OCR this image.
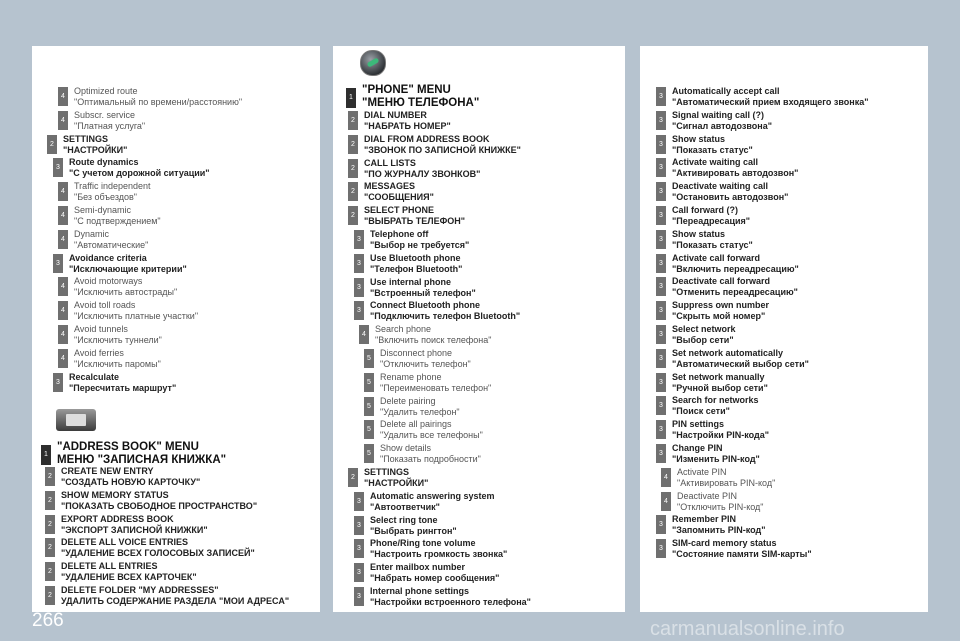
4
Optimized route
"Оптимальный по времени/расстоянию"
4
Subscr. service
"Платная услуга"
2
SETTINGS
"НАСТРОЙКИ"
3
Route dynamics
"С учетом дорожной ситуации"
4
Traffic independent
"Без объездов"
4
Semi-dynamic
"С подтверждением"
4
Dynamic
"Автоматические"
3
Avoidance criteria
"Исключающие критерии"
4
Avoid motorways
"Исключить автострады"
4
Avoid toll roads
"Исключить платные участки"
4
Avoid tunnels
"Исключить туннели"
4
Avoid ferries
"Исключить паромы"
3
Recalculate
"Пересчитать маршрут"
1
"ADDRESS BOOK" MENU
МЕНЮ "ЗАПИСНАЯ КНИЖКА"
2
CREATE NEW ENTRY
"СОЗДАТЬ НОВУЮ КАРТОЧКУ"
2
SHOW MEMORY STATUS
"ПОКАЗАТЬ СВОБОДНОЕ ПРОСТРАНСТВО"
2
EXPORT ADDRESS BOOK
"ЭКСПОРТ ЗАПИСНОЙ КНИЖКИ"
2
DELETE ALL VOICE ENTRIES
"УДАЛЕНИЕ ВСЕХ ГОЛОСОВЫХ ЗАПИСЕЙ"
2
DELETE ALL ENTRIES
"УДАЛЕНИЕ ВСЕХ КАРТОЧЕК"
2
DELETE FOLDER "MY ADDRESSES"
УДАЛИТЬ СОДЕРЖАНИЕ РАЗДЕЛА "МОИ АДРЕСА"
1
"PHONE" MENU
"МЕНЮ ТЕЛЕФОНА"
2
DIAL NUMBER
"НАБРАТЬ НОМЕР"
2
DIAL FROM ADDRESS BOOK
"ЗВОНОК ПО ЗАПИСНОЙ КНИЖКЕ"
2
CALL LISTS
"ПО ЖУРНАЛУ ЗВОНКОВ"
2
MESSAGES
"СООБЩЕНИЯ"
2
SELECT PHONE
"ВЫБРАТЬ ТЕЛЕФОН"
3
Telephone off
"Выбор не требуется"
3
Use Bluetooth phone
"Телефон Bluetooth"
3
Use internal phone
"Встроенный телефон"
3
Connect Bluetooth phone
"Подключить телефон Bluetooth"
4
Search phone
"Включить поиск телефона"
5
Disconnect phone
"Отключить телефон"
5
Rename phone
"Переименовать телефон"
5
Delete pairing
"Удалить телефон"
5
Delete all pairings
"Удалить все телефоны"
5
Show details
"Показать подробности"
2
SETTINGS
"НАСТРОЙКИ"
3
Automatic answering system
"Автоответчик"
3
Select ring tone
"Выбрать рингтон"
3
Phone/Ring tone volume
"Настроить громкость звонка"
3
Enter mailbox number
"Набрать номер сообщения"
3
Internal phone settings
"Настройки встроенного телефона"
3
Automatically accept call
"Автоматический прием входящего звонка"
3
Signal waiting call (?)
"Сигнал автодозвона"
3
Show status
"Показать статус"
3
Activate waiting call
"Активировать автодозвон"
3
Deactivate waiting call
"Остановить автодозвон"
3
Call forward (?)
"Переадресация"
3
Show status
"Показать статус"
3
Activate call forward
"Включить переадресацию"
3
Deactivate call forward
"Отменить переадресацию"
3
Suppress own number
"Скрыть мой номер"
3
Select network
"Выбор сети"
3
Set network automatically
"Автоматический выбор сети"
3
Set network manually
"Ручной выбор сети"
3
Search for networks
"Поиск сети"
3
PIN settings
"Настройки PIN-кода"
3
Change PIN
"Изменить PIN-код"
4
Activate PIN
"Активировать PIN-код"
4
Deactivate PIN
"Отключить PIN-код"
3
Remember PIN
"Запомнить PIN-код"
3
SIM-card memory status
"Состояние памяти SIM-карты"
266	carmanualsonline.info
